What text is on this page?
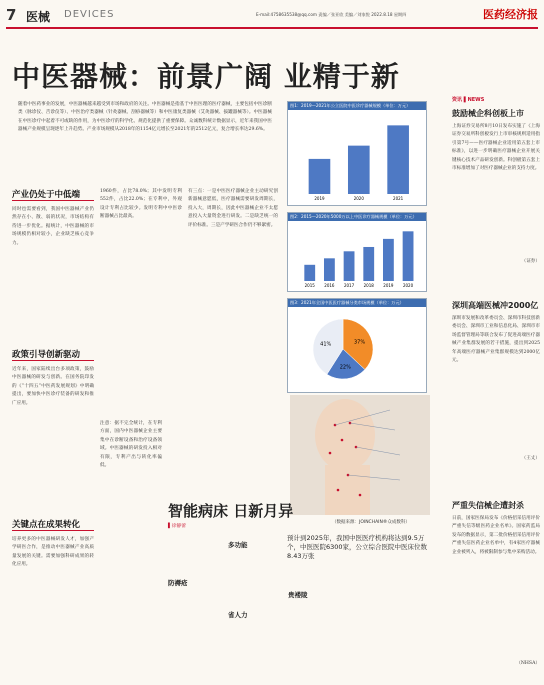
7 医械 DEVICES	E-mail:4758635538@qq.com 责编／张亚欣 美编／刘家悦 2022.8.18 星期四	医药经济报
中医器械：前景广阔 业精于新
随着中医药事业的发展，中医器械越来越受到市场和政府的关注。中医器械是指基于中医医理的医疗器械，主要包括中医诊断类（脉诊仪、舌诊仪等）、中医治疗类器械（针灸器械、刮痧器械等）和中医康复类器械（艾灸器械、拔罐器械等）。中医器械在中医诊疗中起着不可或缺的作用，为中医诊疗的科学化、规范化提供了重要保障。众诚数科统计数据显示，近年来我国中医器械产业规模呈现逐年上升趋势。产业市场规模从2018年的1154亿元增长至2021年的2512亿元，复合增长率达29.6%。
产业仍处于中低端
同时也需要看到，我国中医器械产业仍然存在小、散、弱的状况，市场结构有待进一步优化。据统计，中医器械的市场规模仍相对较小，企业缺乏核心竞争力。
政策引导创新驱动
近年来，国家陆续出台多项政策，鼓励中医器械的研发与创新。在国务院印发的《“十四五”中医药发展规划》中明确提出，要加快中医诊疗装备的研发和推广应用。
关键点在成果转化
培养更多的中医器械研发人才，加强产学研医合作，是推动中医器械产业高质量发展的关键。需要加强科研成果的转化应用。
1960件，占比78.0%；其中发明专利552件，占比22.0%；在专利中，外观设计专利占比较少。发明专利中中医诊断器械占比最高。
注意：据不完全统计，在专利方面，国内中医器械企业主要集中在诊断设备和治疗设备领域。中医器械的研发投入相对有限，专利产出与转化率偏低。
有三点：一是中医医疗器械企业主动研究创新器械意愿低，医疗器械需要研发周期长，投入大，周期长，因此中医器械企业不太愿意投入大量资金进行研发。二是缺乏统一的评价标准。三是产学研医合作仍不够紧密。
图1：2019—2021年公立医院中医诊疗器械规模（单位：万元）
2019	2020	2021
图2：2015—2020年5000万以上中医诊疗器械规模（单位：万元）
2015 2016 2017 2018 2019 2020
图3：2021年全国中医医疗器械分类市场规模（单位：万元）
37%
22%
41%
（数据来源：JOINCHAIN®众成数科）
预计到2025年，我国中医医疗机构将达到9.5万个，中医医院6300家，公立综合医院中医床位数8.43万张
智能病床 日新月异
▌徐静蕾
防褥疮
多功能
省人力
贵褛陵
资讯 ▌NEWS
鼓励械企科创板上市
上海证券交易所8月10日发布实施了《上海证券交易所科创板发行上市审核规则适用指引第7号——医疗器械企业适用第五套上市标准》，以进一步明确医疗器械企业开展关键核心技术产品研发创新。科创板第五套上市标准增加了对医疗器械企业的支持力度。
（证券）
深圳高端医械冲2000亿
深圳市发展和改革委员会、深圳市科技创新委员会、深圳市工业和信息化局、深圳市市场监督管理局等联合发布了促进高端医疗器械产业集群发展的若干措施，提出到2025年高端医疗器械产业集群规模达到2000亿元。
（王丈）
严重失信械企遭封杀
日前，国家医保局发布《价格招采信用评价严重失信等级医药企业名单》。国家药监局发布的数据显示，第二批价格招采信用评价严重失信医药企业名单中，有4家医疗器械企业被列入，将被限制参与集中采购活动。
（NHSA）
